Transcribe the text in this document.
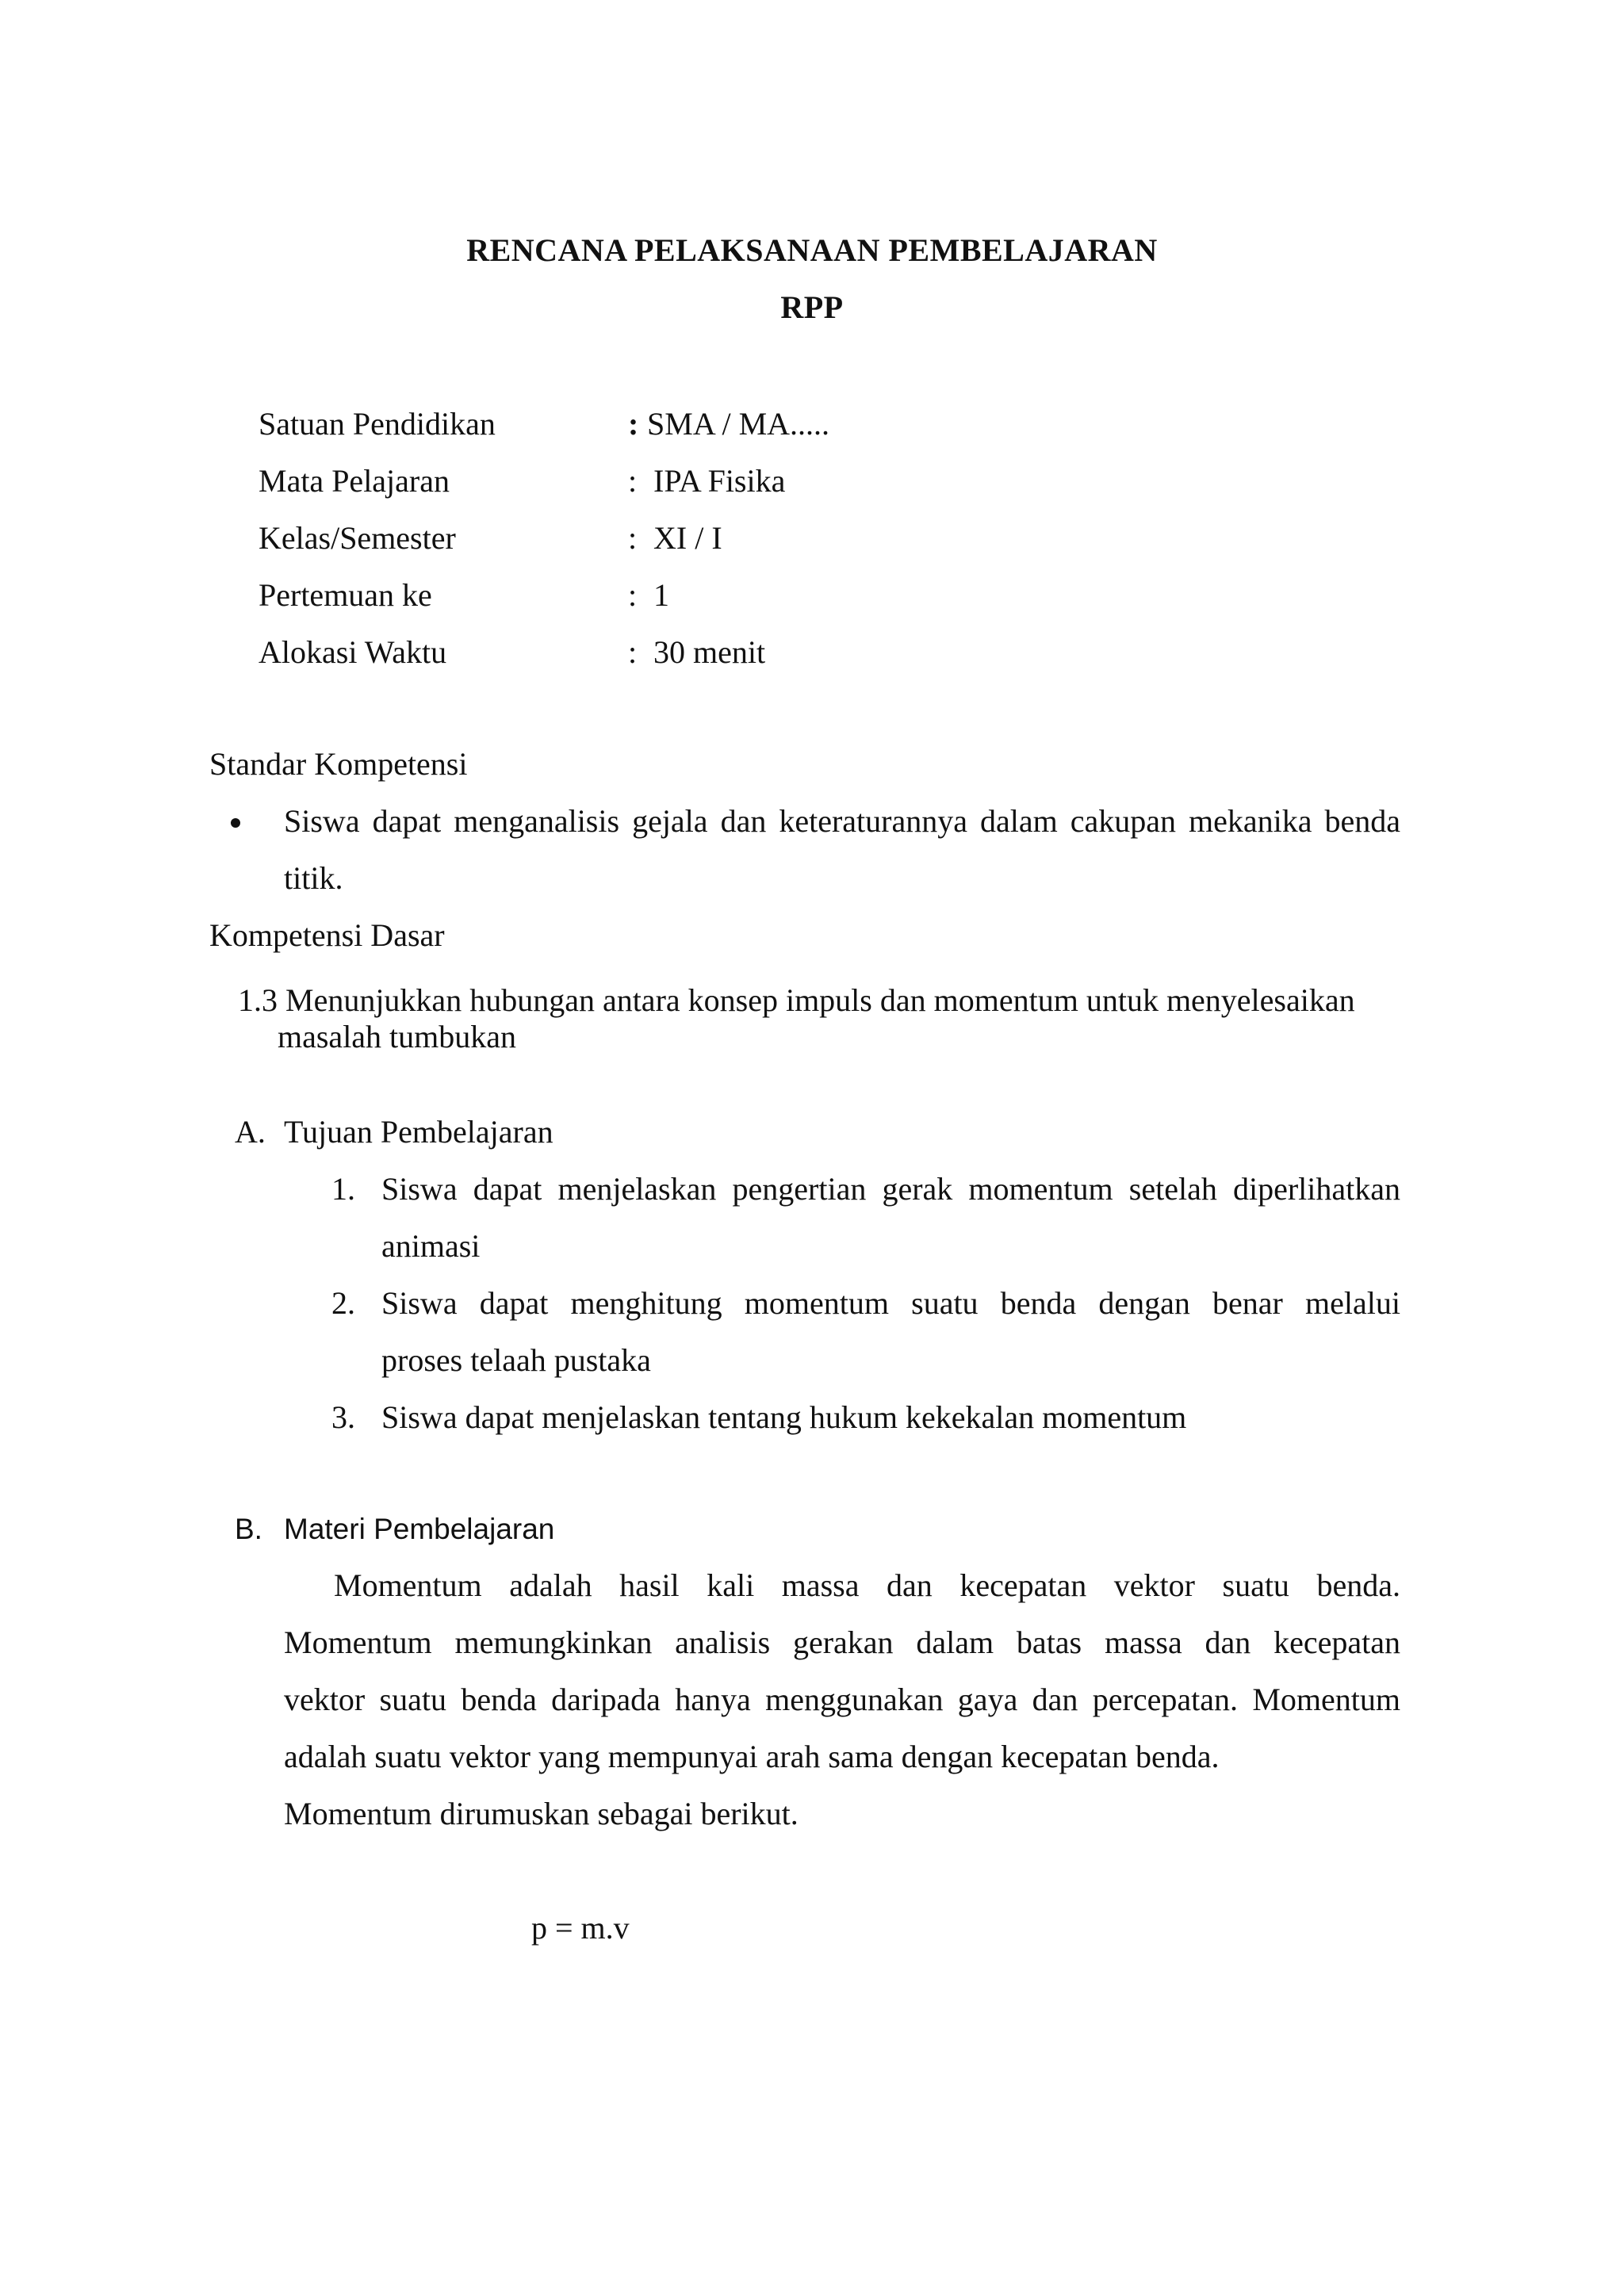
RENCANA PELAKSANAAN PEMBELAJARAN
RPP
Satuan Pendidikan	: SMA / MA.....
Mata Pelajaran	: IPA Fisika
Kelas/Semester	: XI / I
Pertemuan ke	: 1
Alokasi Waktu	: 30 menit
Standar Kompetensi
Siswa dapat menganalisis gejala dan keteraturannya dalam cakupan mekanika benda
titik.
Kompetensi Dasar
1.3 Menunjukkan hubungan antara konsep impuls dan momentum untuk menyelesaikan
masalah tumbukan
A. Tujuan Pembelajaran
1. Siswa dapat menjelaskan pengertian gerak momentum setelah diperlihatkan
animasi
2. Siswa dapat menghitung momentum suatu benda dengan benar melalui
proses telaah pustaka
3. Siswa dapat menjelaskan tentang hukum kekekalan momentum
B. Materi Pembelajaran
Momentum adalah hasil kali massa dan kecepatan vektor suatu benda.
Momentum memungkinkan analisis gerakan dalam batas massa dan kecepatan
vektor suatu benda daripada hanya menggunakan gaya dan percepatan. Momentum
adalah suatu vektor yang mempunyai arah sama dengan kecepatan benda.
Momentum dirumuskan sebagai berikut.
p = m.v
